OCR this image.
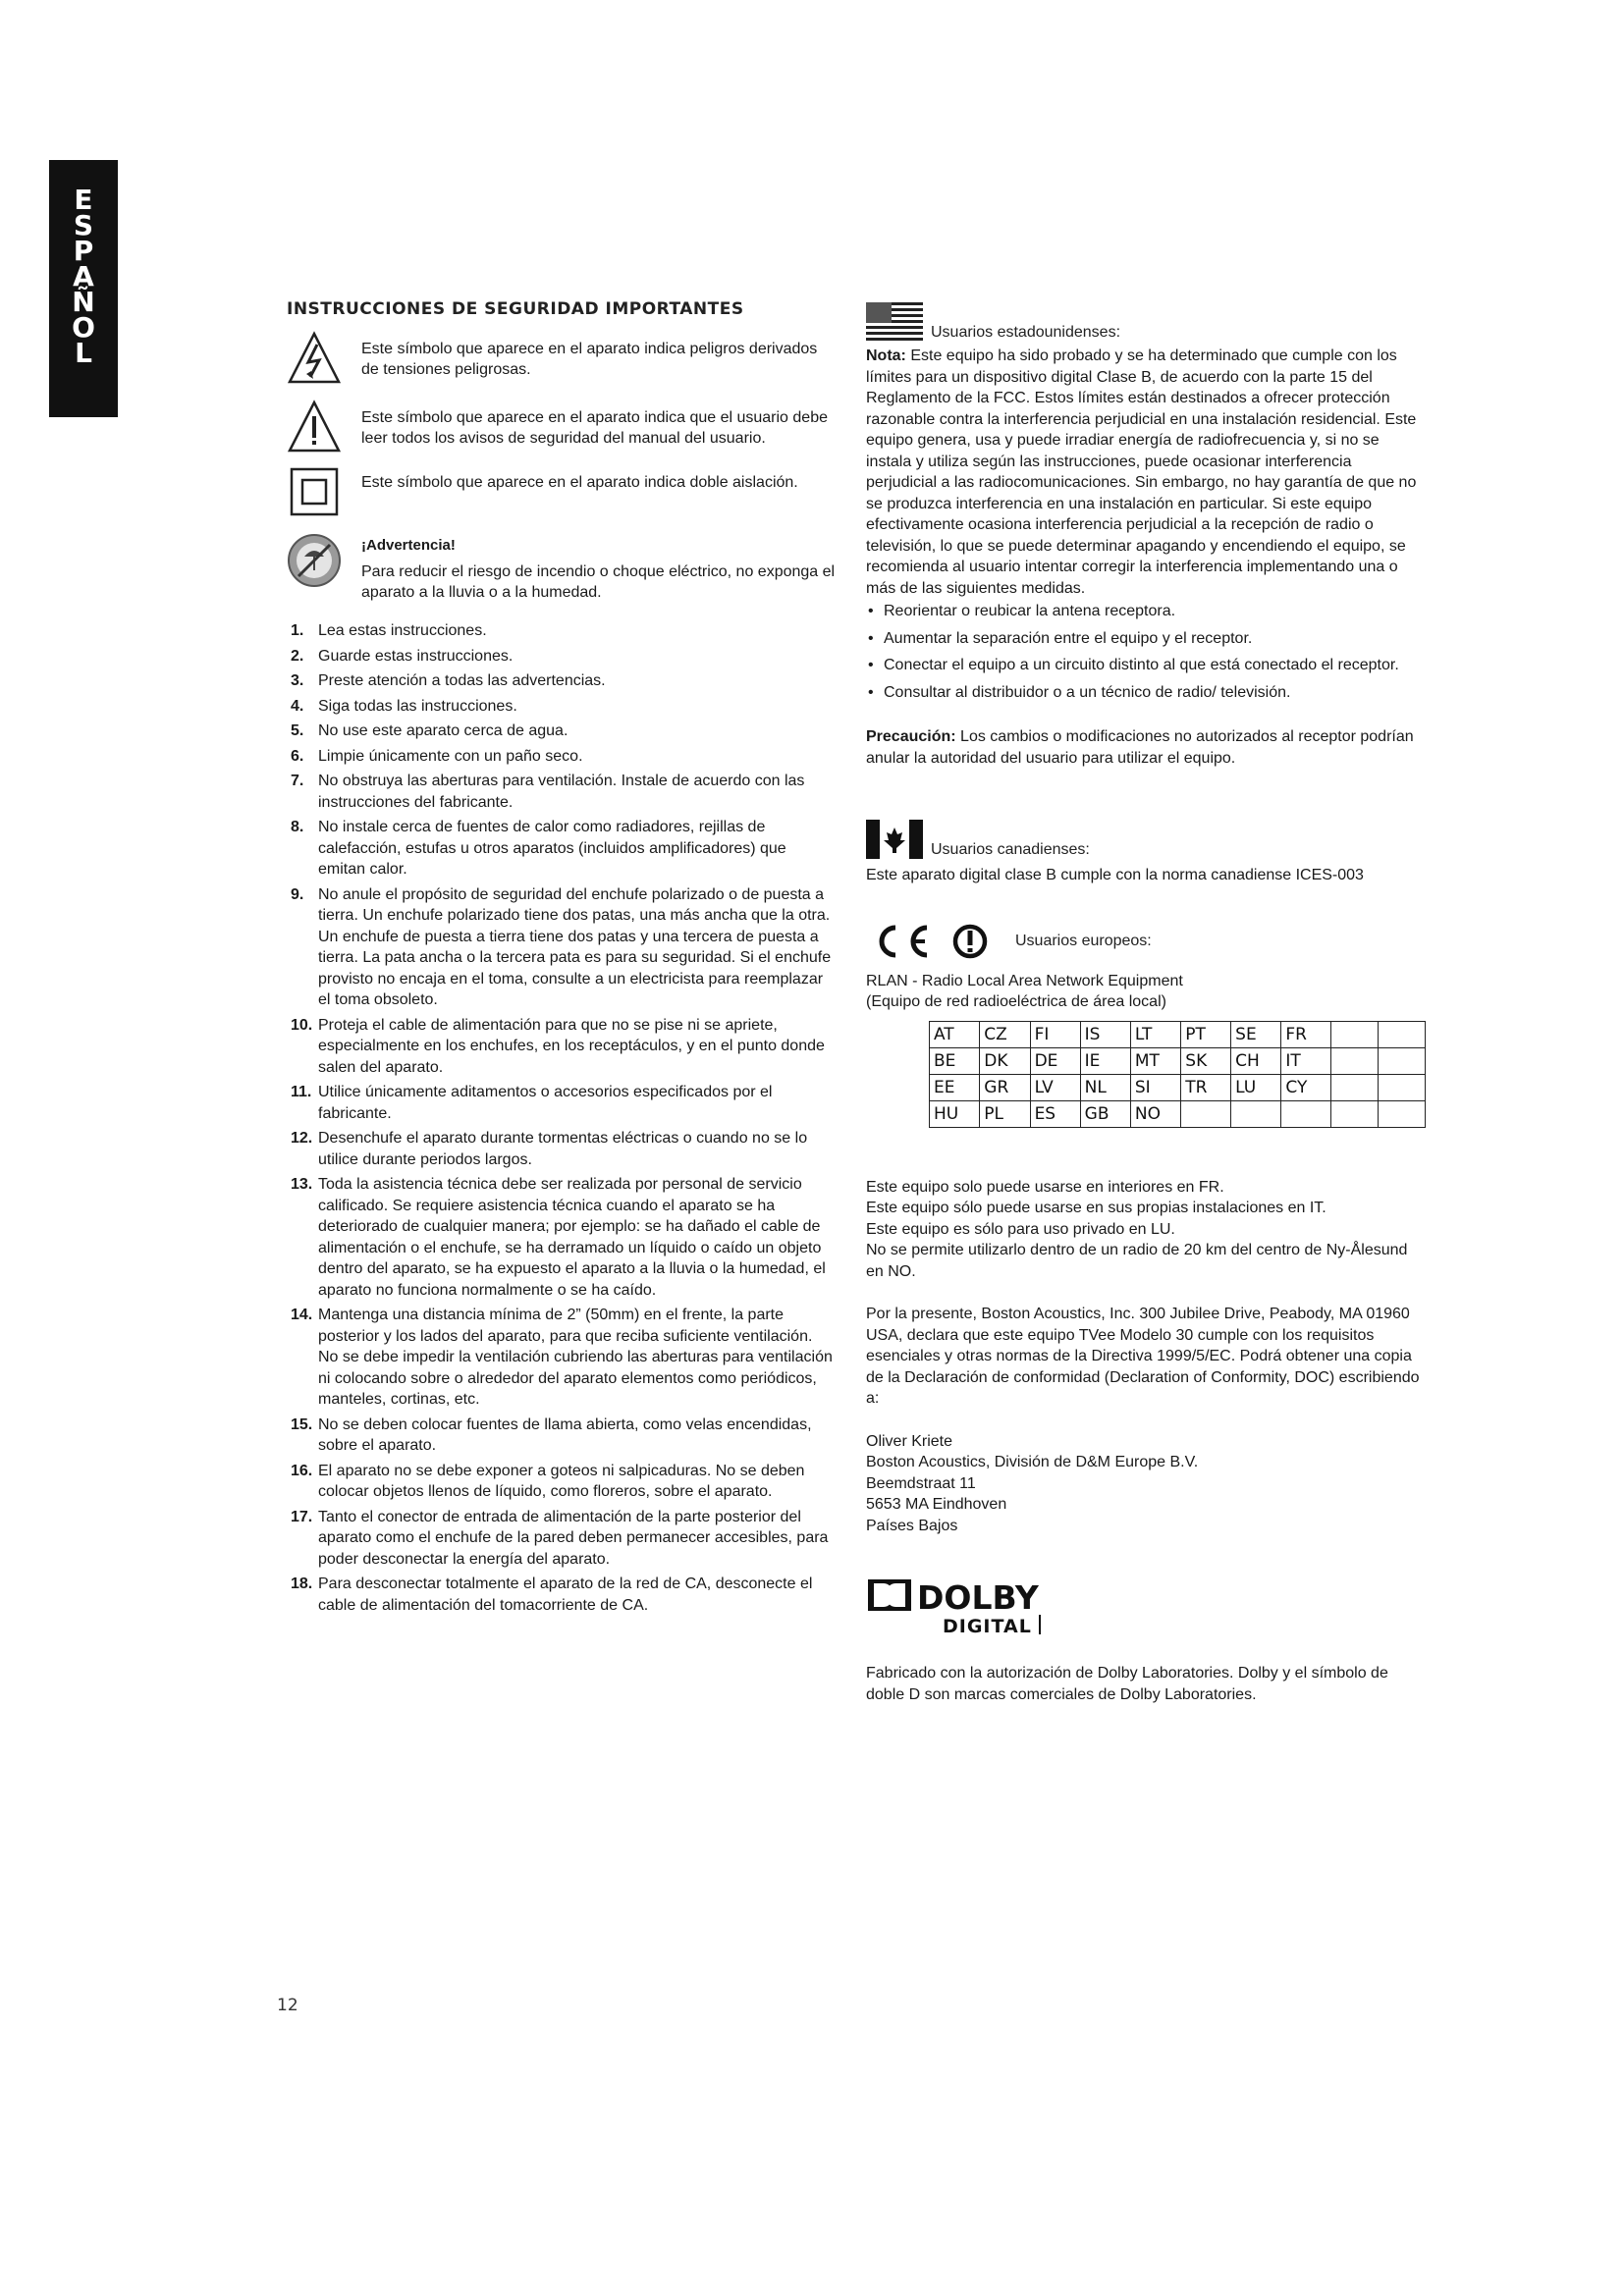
E
S
P
A
Ñ
O
L
INSTRUCCIONES DE SEGURIDAD IMPORTANTES
Este símbolo que aparece en el aparato indica peligros derivados de tensiones peligrosas.
Este símbolo que aparece en el aparato indica que el usuario debe leer todos los avisos de seguridad del manual del usuario.
Este símbolo que aparece en el aparato indica doble aislación.
¡Advertencia!
Para reducir el riesgo de incendio o choque eléctrico, no exponga el aparato a la lluvia o a la humedad.
1. Lea estas instrucciones.
2. Guarde estas instrucciones.
3. Preste atención a todas las advertencias.
4. Siga todas las instrucciones.
5. No use este aparato cerca de agua.
6. Limpie únicamente con un paño seco.
7. No obstruya las aberturas para ventilación. Instale de acuerdo con las instrucciones del fabricante.
8. No instale cerca de fuentes de calor como radiadores, rejillas de calefacción, estufas u otros aparatos (incluidos amplificadores) que emitan calor.
9. No anule el propósito de seguridad del enchufe polarizado o de puesta a tierra. Un enchufe polarizado tiene dos patas, una más ancha que la otra. Un enchufe de puesta a tierra tiene dos patas y una tercera de puesta a tierra. La pata ancha o la tercera pata es para su seguridad. Si el enchufe provisto no encaja en el toma, consulte a un electricista para reemplazar el toma obsoleto.
10. Proteja el cable de alimentación para que no se pise ni se apriete, especialmente en los enchufes, en los receptáculos, y en el punto donde salen del aparato.
11. Utilice únicamente aditamentos o accesorios especificados por el fabricante.
12. Desenchufe el aparato durante tormentas eléctricas o cuando no se lo utilice durante periodos largos.
13. Toda la asistencia técnica debe ser realizada por personal de servicio calificado. Se requiere asistencia técnica cuando el aparato se ha deteriorado de cualquier manera; por ejemplo: se ha dañado el cable de alimentación o el enchufe, se ha derramado un líquido o caído un objeto dentro del aparato, se ha expuesto el aparato a la lluvia o la humedad, el aparato no funciona normalmente o se ha caído.
14. Mantenga una distancia mínima de 2” (50mm) en el frente, la parte posterior y los lados del aparato, para que reciba suficiente ventilación. No se debe impedir la ventilación cubriendo las aberturas para ventilación ni colocando sobre o alrededor del aparato elementos como periódicos, manteles, cortinas, etc.
15. No se deben colocar fuentes de llama abierta, como velas encendidas, sobre el aparato.
16. El aparato no se debe exponer a goteos ni salpicaduras. No se deben colocar objetos llenos de líquido, como floreros, sobre el aparato.
17. Tanto el conector de entrada de alimentación de la parte posterior del aparato como el enchufe de la pared deben permanecer accesibles, para poder desconectar la energía del aparato.
18. Para desconectar totalmente el aparato de la red de CA, desconecte el cable de alimentación del tomacorriente de CA.
Usuarios estadounidenses:

Nota: Este equipo ha sido probado y se ha determinado que cumple con los límites para un dispositivo digital Clase B, de acuerdo con la parte 15 del Reglamento de la FCC. Estos límites están destinados a ofrecer protección razonable contra la interferencia perjudicial en una instalación residencial. Este equipo genera, usa y puede irradiar energía de radiofrecuencia y, si no se instala y utiliza según las instrucciones, puede ocasionar interferencia perjudicial a las radiocomunicaciones. Sin embargo, no hay garantía de que no se produzca interferencia en una instalación en particular. Si este equipo efectivamente ocasiona interferencia perjudicial a la recepción de radio o televisión, lo que se puede determinar apagando y encendiendo el equipo, se recomienda al usuario intentar corregir la interferencia implementando una o más de las siguientes medidas.

• Reorientar o reubicar la antena receptora.
• Aumentar la separación entre el equipo y el receptor.
• Conectar el equipo a un circuito distinto al que está conectado el receptor.
• Consultar al distribuidor o a un técnico de radio/ televisión.

Precaución: Los cambios o modificaciones no autorizados al receptor podrían anular la autoridad del usuario para utilizar el equipo.

Usuarios canadienses:

Este aparato digital clase B cumple con la norma canadiense ICES-003

Usuarios europeos:

RLAN - Radio Local Area Network Equipment

(Equipo de red radioeléctrica de área local)

AT	CZ	FI	IS	LT	PT	SE	FR		
BE	DK	DE	IE	MT	SK	CH	IT		
EE	GR	LV	NL	SI	TR	LU	CY		
HU	PL	ES	GB	NO					

Este equipo solo puede usarse en interiores en FR.

Este equipo sólo puede usarse en sus propias instalaciones en IT.

Este equipo es sólo para uso privado en LU.

No se permite utilizarlo dentro de un radio de 20 km del centro de Ny-Ålesund en NO.

Por la presente, Boston Acoustics, Inc. 300 Jubilee Drive, Peabody, MA 01960 USA, declara que este equipo TVee Modelo 30 cumple con los requisitos esenciales y otras normas de la Directiva 1999/5/EC. Podrá obtener una copia de la Declaración de conformidad (Declaration of Conformity, DOC) escribiendo a:

Oliver Kriete

Boston Acoustics, División de D&M Europe B.V.

Beemdstraat 11

5653 MA Eindhoven

Países Bajos

DOLBY
DIGITAL

Fabricado con la autorización de Dolby Laboratories. Dolby y el símbolo de doble D son marcas comerciales de Dolby Laboratories.

12
